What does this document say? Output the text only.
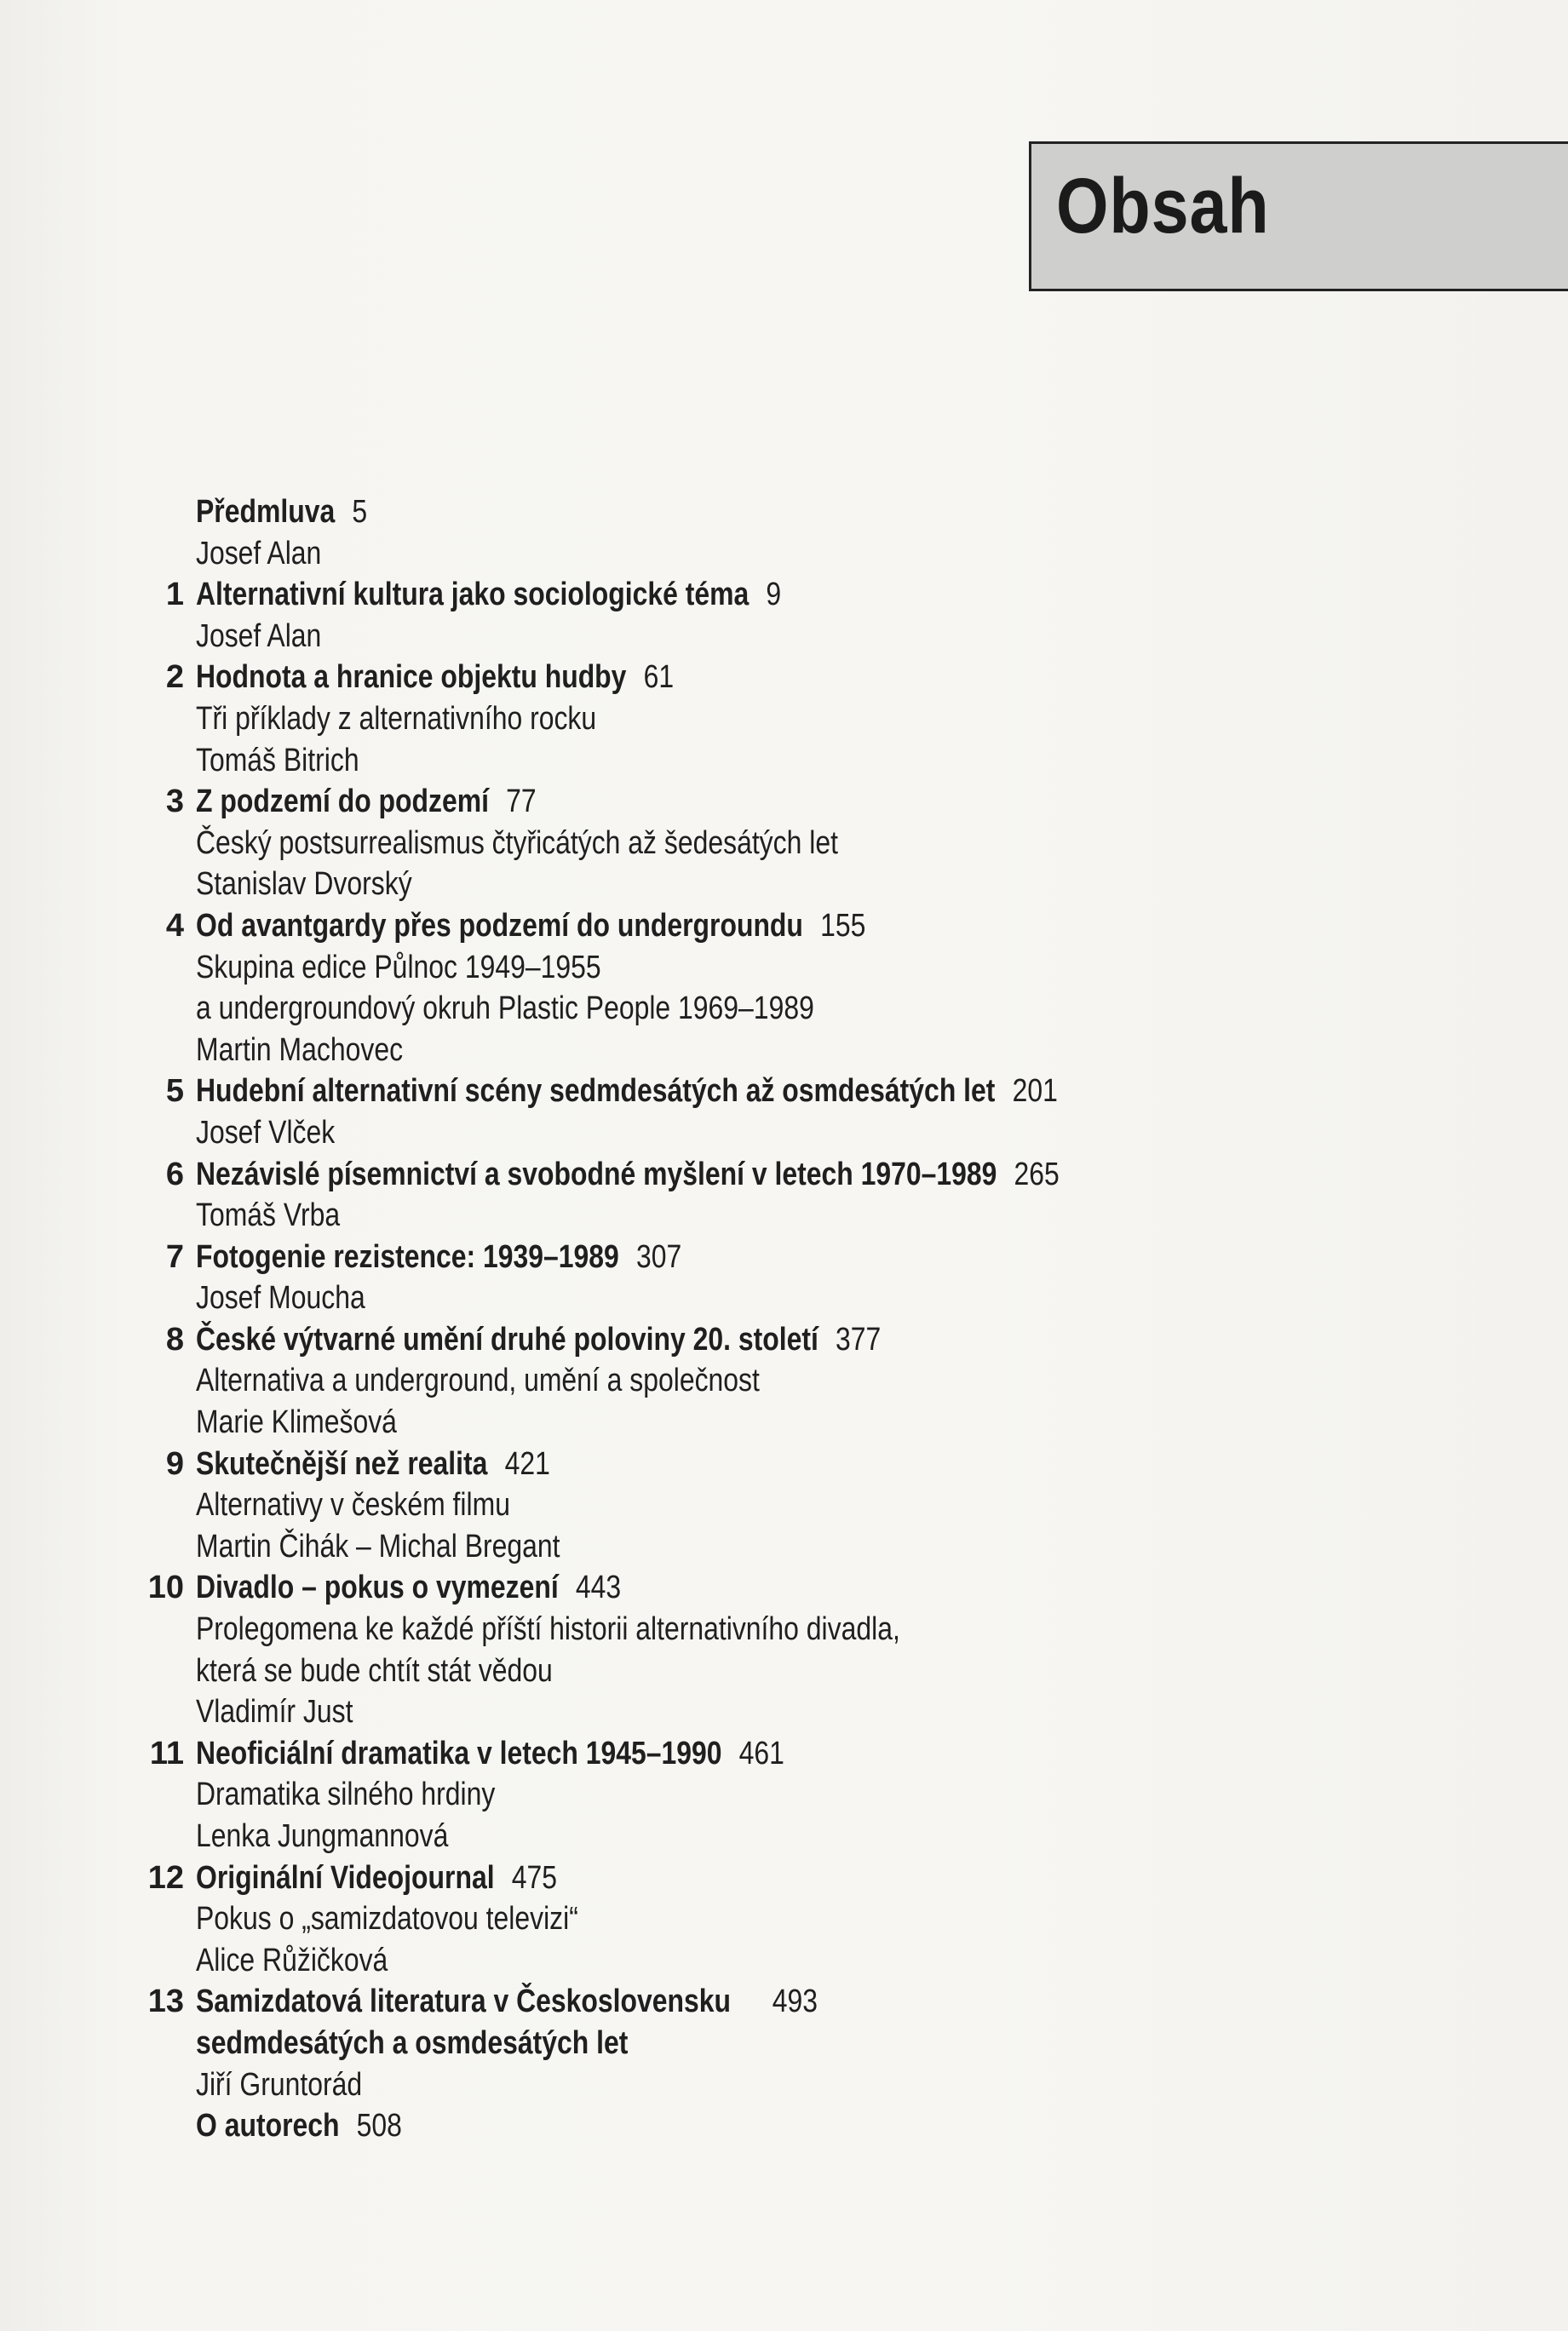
Obsah
Předmluva 5
Josef Alan
1 Alternativní kultura jako sociologické téma 9
Josef Alan
2 Hodnota a hranice objektu hudby 61
Tři příklady z alternativního rocku
Tomáš Bitrich
3 Z podzemí do podzemí 77
Český postsurrealismus čtyřicátých až šedesátých let
Stanislav Dvorský
4 Od avantgardy přes podzemí do undergroundu 155
Skupina edice Půlnoc 1949–1955
a undergroundový okruh Plastic People 1969–1989
Martin Machovec
5 Hudební alternativní scény sedmdesátých až osmdesátých let 201
Josef Vlček
6 Nezávislé písemnictví a svobodné myšlení v letech 1970–1989 265
Tomáš Vrba
7 Fotogenie rezistence: 1939–1989 307
Josef Moucha
8 České výtvarné umění druhé poloviny 20. století 377
Alternativa a underground, umění a společnost
Marie Klimešová
9 Skutečnější než realita 421
Alternativy v českém filmu
Martin Čihák – Michal Bregant
10 Divadlo – pokus o vymezení 443
Prolegomena ke každé příští historii alternativního divadla,
která se bude chtít stát vědou
Vladimír Just
11 Neoficiální dramatika v letech 1945–1990 461
Dramatika silného hrdiny
Lenka Jungmannová
12 Originální Videojournal 475
Pokus o „samizdatovou televizi“
Alice Růžičková
13 Samizdatová literatura v Československu 493
sedmdesátých a osmdesátých let
Jiří Gruntorád
O autorech 508
